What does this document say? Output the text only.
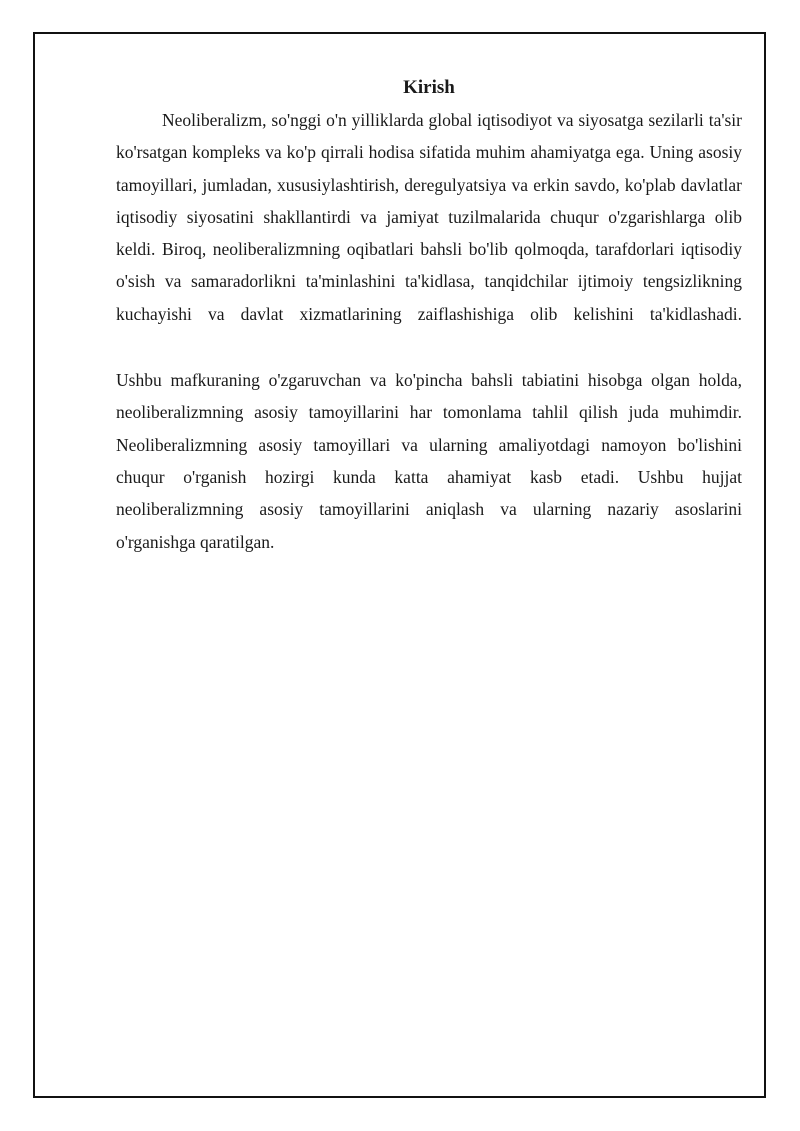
Kirish

Neoliberalizm, so'nggi o'n yilliklarda global iqtisodiyot va siyosatga sezilarli ta'sir ko'rsatgan kompleks va ko'p qirrali hodisa sifatida muhim ahamiyatga ega. Uning asosiy tamoyillari, jumladan, xususiylashtirish, deregulyatsiya va erkin savdo, ko'plab davlatlar iqtisodiy siyosatini shakllantirdi va jamiyat tuzilmalarida chuqur o'zgarishlarga olib keldi. Biroq, neoliberalizmning oqibatlari bahsli bo'lib qolmoqda, tarafdorlari iqtisodiy o'sish va samaradorlikni ta'minlashini ta'kidlasa, tanqidchilar ijtimoiy tengsizlikning kuchayishi va davlat xizmatlarining zaiflashishiga olib kelishini ta'kidlashadi.

Ushbu mafkuraning o'zgaruvchan va ko'pincha bahsli tabiatini hisobga olgan holda, neoliberalizmning asosiy tamoyillarini har tomonlama tahlil qilish juda muhimdir. Neoliberalizmning asosiy tamoyillari va ularning amaliyotdagi namoyon bo'lishini chuqur o'rganish hozirgi kunda katta ahamiyat kasb etadi. Ushbu hujjat neoliberalizmning asosiy tamoyillarini aniqlash va ularning nazariy asoslarini o'rganishga qaratilgan.
